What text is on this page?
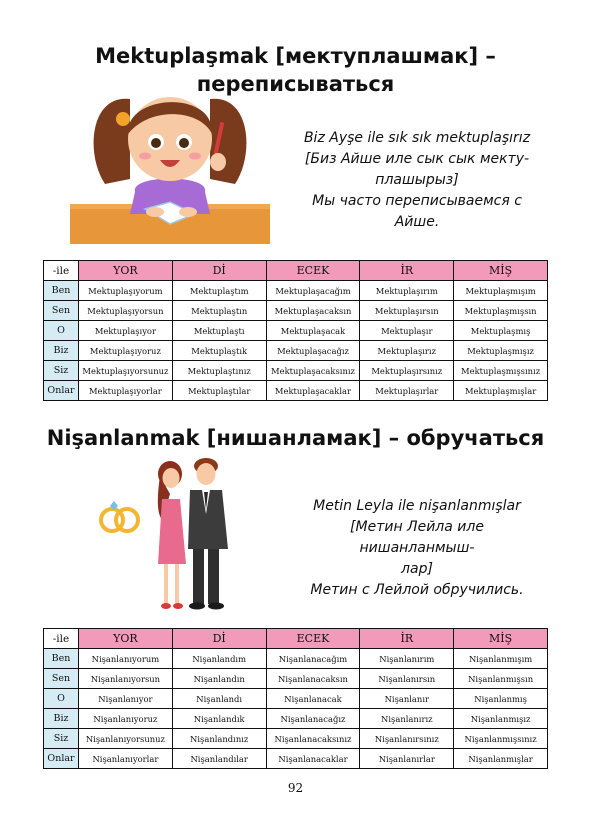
Mektuplaşmak [мектуплашмак] –
переписываться
Biz Ayşe ile sık sık mektuplaşırız
[Биз Айше иле сык сык мекту-
плашырыз]
Мы часто переписываемся с Айше.
-ile	YOR	Dİ	ECEK	İR	MİŞ
Ben	Mektuplaşıyorum	Mektuplaştım	Mektuplaşacağım	Mektuplaşırım	Mektuplaşmışım
Sen	Mektuplaşıyorsun	Mektuplaştın	Mektuplaşacaksın	Mektuplaşırsın	Mektuplaşmışsın
O	Mektuplaşıyor	Mektuplaştı	Mektuplaşacak	Mektuplaşır	Mektuplaşmış
Biz	Mektuplaşıyoruz	Mektuplaştık	Mektuplaşacağız	Mektuplaşırız	Mektuplaşmışız
Siz	Mektuplaşıyorsunuz	Mektuplaştınız	Mektuplaşacaksınız	Mektuplaşırsınız	Mektuplaşmışsınız
Onlar	Mektuplaşıyorlar	Mektuplaştılar	Mektuplaşacaklar	Mektuplaşırlar	Mektuplaşmışlar
Nişanlanmak [нишанламак] – обручаться
Metin Leyla ile nişanlanmışlar
[Метин Лейла иле нишанланмыш-
лар]
Метин с Лейлой обручились.
-ile	YOR	Dİ	ECEK	İR	MİŞ
Ben	Nişanlanıyorum	Nişanlandım	Nişanlanacağım	Nişanlanırım	Nişanlanmışım
Sen	Nişanlanıyorsun	Nişanlandın	Nişanlanacaksın	Nişanlanırsın	Nişanlanmışsın
O	Nişanlanıyor	Nişanlandı	Nişanlanacak	Nişanlanır	Nişanlanmış
Biz	Nişanlanıyoruz	Nişanlandık	Nişanlanacağız	Nişanlanırız	Nişanlanmışız
Siz	Nişanlanıyorsunuz	Nişanlandınız	Nişanlanacaksınız	Nişanlanırsınız	Nişanlanmışsınız
Onlar	Nişanlanıyorlar	Nişanlandılar	Nişanlanacaklar	Nişanlanırlar	Nişanlanmışlar
92
